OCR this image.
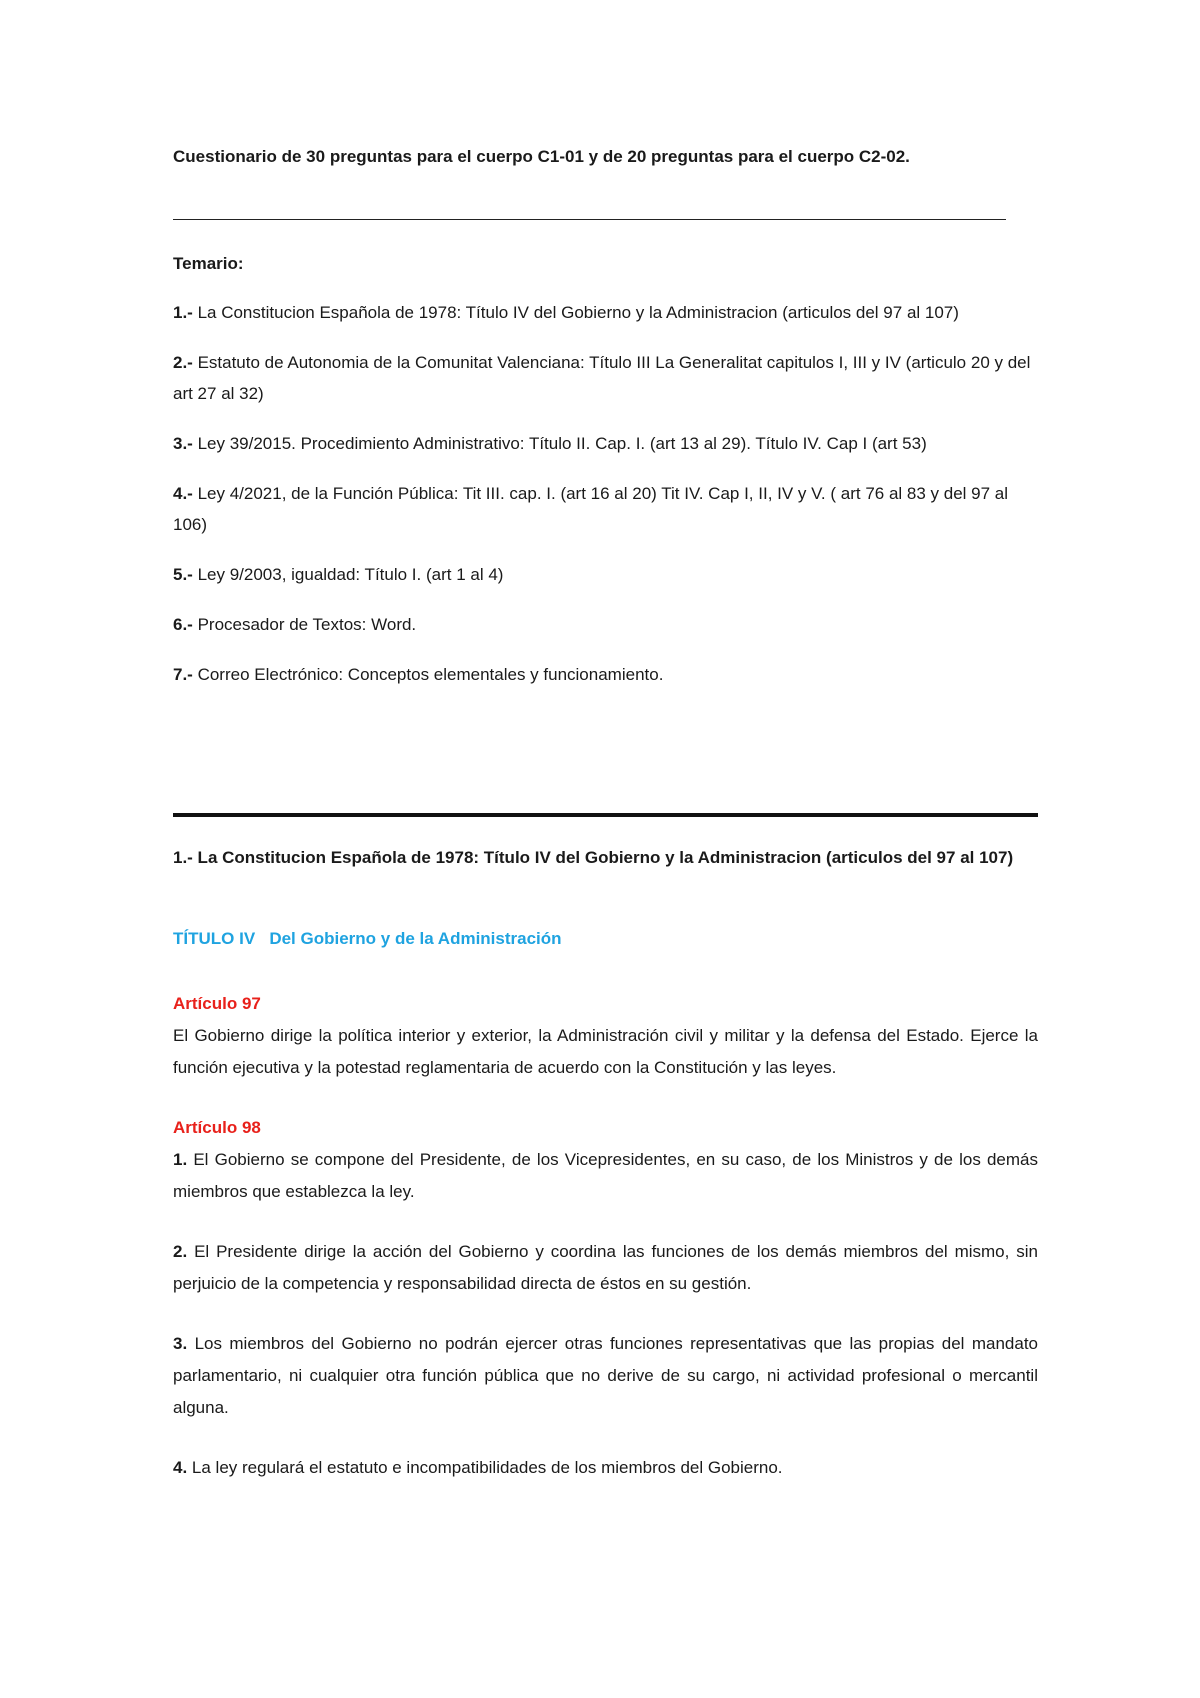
Cuestionario de 30 preguntas para el cuerpo C1-01 y de 20 preguntas para el cuerpo C2-02.
Temario:

1.- La Constitucion Española de 1978: Título IV del Gobierno y la Administracion (articulos del 97 al 107)

2.- Estatuto de Autonomia de la Comunitat Valenciana: Título III La Generalitat capitulos I, III y IV (articulo 20 y del art 27 al 32)

3.- Ley 39/2015. Procedimiento Administrativo: Título II. Cap. I. (art 13 al 29). Título IV. Cap I (art 53)

4.- Ley 4/2021, de la Función Pública: Tit III. cap. I. (art 16 al 20) Tit IV. Cap I, II, IV y V. ( art 76 al 83 y del 97 al 106)

5.- Ley 9/2003, igualdad: Título I. (art 1 al 4)

6.- Procesador de Textos: Word.

7.- Correo Electrónico: Conceptos elementales y funcionamiento.

1.- La Constitucion Española de 1978: Título IV del Gobierno y la Administracion (articulos del 97 al 107)
TÍTULO IV   Del Gobierno y de la Administración

Artículo 97

El Gobierno dirige la política interior y exterior, la Administración civil y militar y la defensa del Estado. Ejerce la función ejecutiva y la potestad reglamentaria de acuerdo con la Constitución y las leyes.

Artículo 98

1. El Gobierno se compone del Presidente, de los Vicepresidentes, en su caso, de los Ministros y de los demás miembros que establezca la ley.

2. El Presidente dirige la acción del Gobierno y coordina las funciones de los demás miembros del mismo, sin perjuicio de la competencia y responsabilidad directa de éstos en su gestión.

3. Los miembros del Gobierno no podrán ejercer otras funciones representativas que las propias del mandato parlamentario, ni cualquier otra función pública que no derive de su cargo, ni actividad profesional o mercantil alguna.

4. La ley regulará el estatuto e incompatibilidades de los miembros del Gobierno.
